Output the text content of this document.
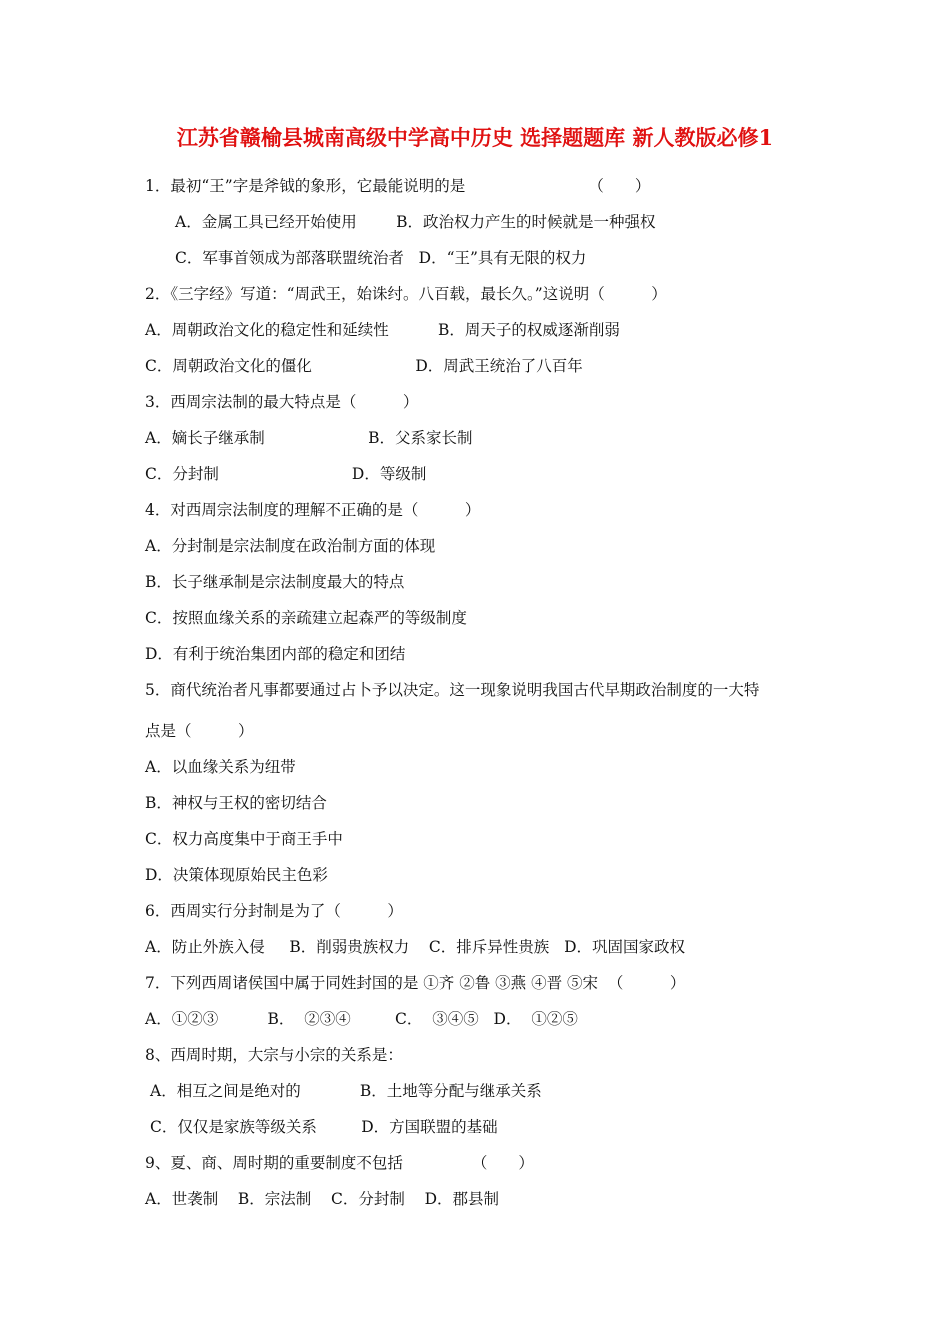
江苏省赣榆县城南高级中学高中历史 选择题题库 新人教版必修1
1．最初“王”字是斧钺的象形，它最能说明的是                         （　　）
A．金属工具已经开始使用        B．政治权力产生的时候就是一种强权
C．军事首领成为部落联盟统治者   D．“王”具有无限的权力
2．《三字经》写道：“周武王，始诛纣。八百载，最长久。”这说明（　　　）
A．周朝政治文化的稳定性和延续性          B．周天子的权威逐渐削弱
C．周朝政治文化的僵化                     D．周武王统治了八百年
3．西周宗法制的最大特点是（　　　）
A．嫡长子继承制                     B．父系家长制
C．分封制                           D．等级制
4．对西周宗法制度的理解不正确的是（　　　）
A．分封制是宗法制度在政治制方面的体现
B．长子继承制是宗法制度最大的特点
C．按照血缘关系的亲疏建立起森严的等级制度
D．有利于统治集团内部的稳定和团结
5．商代统治者凡事都要通过占卜予以决定。这一现象说明我国古代早期政治制度的一大特
点是（　　　）
A．以血缘关系为纽带
B．神权与王权的密切结合
C．权力高度集中于商王手中
D．决策体现原始民主色彩
6．西周实行分封制是为了（　　　）
A．防止外族入侵     B．削弱贵族权力    C．排斥异性贵族   D．巩固国家政权
7．下列西周诸侯国中属于同姓封国的是 ①齐 ②鲁 ③燕 ④晋 ⑤宋  （　　　）
A．①②③          B．  ②③④         C．  ③④⑤   D．  ①②⑤
8、西周时期，大宗与小宗的关系是：
A．相互之间是绝对的            B．土地等分配与继承关系
C．仅仅是家族等级关系         D．方国联盟的基础
9、夏、商、周时期的重要制度不包括              （　　）
A．世袭制    B．宗法制    C．分封制    D．郡县制
